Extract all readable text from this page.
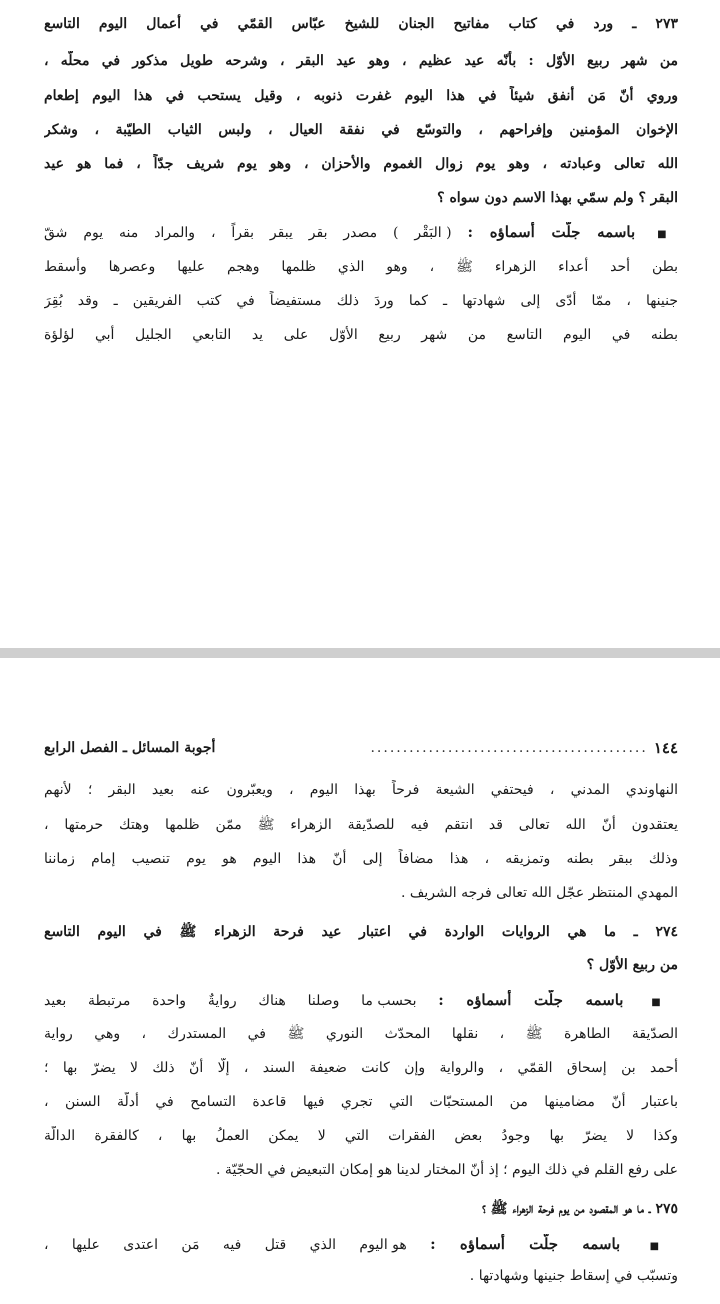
٢٧٣ ـ ورد في كتاب مفاتيح الجنان للشيخ عبّاس القمّي في أعمال اليوم التاسع
من شهر ربيع الأوّل : بأنّه عيد عظيم ، وهو عيد البقر ، وشرحه طويل مذكور في محلّه ،
وروي أنّ مَن أنفق شيئاً في هذا اليوم غفرت ذنوبه ، وقيل يستحب في هذا اليوم إطعام
الإخوان المؤمنين وإفراحهم ، والتوسّع في نفقة العيال ، ولبس الثياب الطيّبة ، وشكر
الله تعالى وعبادته ، وهو يوم زوال الغموم والأحزان ، وهو يوم شريف جدّاً ، فما هو عيد
البقر ؟ ولم سمّي بهذا الاسم دون سواه ؟
■ باسمه جلّت أسماؤه : ( البَقْر ) مصدر بقر يبقر بقراً ، والمراد منه يوم شقّ
بطن أحد أعداء الزهراء ﷺ ، وهو الذي ظلمها وهجم عليها وعصرها وأسقط
جنينها ، ممّا أدّى إلى شهادتها ـ كما وردَ ذلك مستفيضاً في كتب الفريقين ـ وقد بُقِرَ
بطنه في اليوم التاسع من شهر ربيع الأوّل على يد التابعي الجليل أبي لؤلؤة
١٤٤
...........................................
أجوبة المسائل ـ الفصل الرابع
النهاوندي المدني ، فيحتفي الشيعة فرحاً بهذا اليوم ، ويعبّرون عنه بعيد البقر ؛ لأنهم
يعتقدون أنّ الله تعالى قد انتقم فيه للصدّيقة الزهراء ﷺ ممّن ظلمها وهتك حرمتها ،
وذلك ببقر بطنه وتمزيقه ، هذا مضافاً إلى أنّ هذا اليوم هو يوم تنصيب إمام زماننا
المهدي المنتظر عجّل الله تعالى فرجه الشريف .
٢٧٤ ـ ما هي الروايات الواردة في اعتبار عيد فرحة الزهراء ﷺ في اليوم التاسع
من ربيع الأوّل ؟
■ باسمه جلّت أسماؤه : بحسب ما وصلنا هناك روايةٌ واحدة مرتبطة بعيد
الصدّيقة الطاهرة ﷺ ، نقلها المحدّث النوري ﷺ في المستدرك ، وهي رواية
أحمد بن إسحاق القمّي ، والرواية وإن كانت ضعيفة السند ، إلّا أنّ ذلك لا يضرّ بها ؛
باعتبار أنّ مضامينها من المستحبّات التي تجري فيها قاعدة التسامح في أدلّة السنن ،
وكذا لا يضرّ بها وجودُ بعض الفقرات التي لا يمكن العملُ بها ، كالفقرة الدالّة
على رفع القلم في ذلك اليوم ؛ إذ أنّ المختار لدينا هو إمكان التبعيض في الحجّيّة .
٢٧٥ ـ ما هو المقصود من يوم فرحة الزهراء ﷺ ؟
■ باسمه جلّت أسماؤه : هو اليوم الذي قتل فيه مَن اعتدى عليها ،
وتسبّب في إسقاط جنينها وشهادتها .
